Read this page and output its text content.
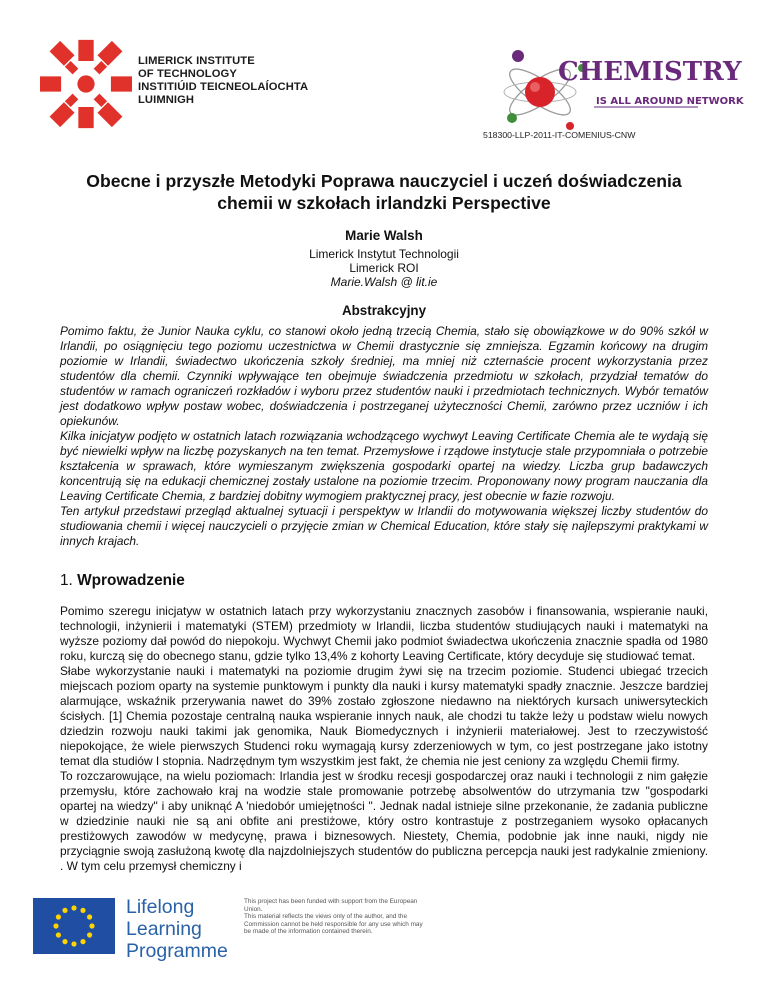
LIMERICK INSTITUTE
OF TECHNOLOGY
INSTITIÚID TEICNEOLAÍOCHTA
LUIMNIGH
CHEMISTRY
IS ALL AROUND NETWORK
518300-LLP-2011-IT-COMENIUS-CNW
Obecne i przyszłe Metodyki Poprawa nauczyciel i uczeń doświadczenia chemii w szkołach irlandzki Perspective
Marie Walsh
Limerick Instytut Technologii
Limerick ROI
Marie.Walsh @ lit.ie
Abstrakcyjny

Pomimo faktu, że Junior Nauka cyklu, co stanowi około jedną trzecią Chemia, stało się obowiązkowe w do 90% szkół w Irlandii, po osiągnięciu tego poziomu uczestnictwa w Chemii drastycznie się zmniejsza. Egzamin końcowy na drugim poziomie w Irlandii, świadectwo ukończenia szkoły średniej, ma mniej niż czternaście procent wykorzystania przez studentów dla chemii. Czynniki wpływające ten obejmuje świadczenia przedmiotu w szkołach, przydział tematów do studentów w ramach ograniczeń rozkładów i wyboru przez studentów nauki i przedmiotach technicznych. Wybór tematów jest dodatkowo wpływ postaw wobec, doświadczenia i postrzeganej użyteczności Chemii, zarówno przez uczniów i ich opiekunów.

Kilka inicjatyw podjęto w ostatnich latach rozwiązania wchodzącego wychwyt Leaving Certificate Chemia ale te wydają się być niewielki wpływ na liczbę pozyskanych na ten temat. Przemysłowe i rządowe instytucje stale przypomniała o potrzebie kształcenia w sprawach, które wymieszanym zwiększenia gospodarki opartej na wiedzy. Liczba grup badawczych koncentrują się na edukacji chemicznej zostały ustalone na poziomie trzecim. Proponowany nowy program nauczania dla Leaving Certificate Chemia, z bardziej dobitny wymogiem praktycznej pracy, jest obecnie w fazie rozwoju.

Ten artykuł przedstawi przegląd aktualnej sytuacji i perspektyw w Irlandii do motywowania większej liczby studentów do studiowania chemii i więcej nauczycieli o przyjęcie zmian w Chemical Education, które stały się najlepszymi praktykami w innych krajach.

1. Wprowadzenie

Pomimo szeregu inicjatyw w ostatnich latach przy wykorzystaniu znacznych zasobów i finansowania, wspieranie nauki, technologii, inżynierii i matematyki (STEM) przedmioty w Irlandii, liczba studentów studiujących nauki i matematyki na wyższe poziomy dał powód do niepokoju. Wychwyt Chemii jako podmiot świadectwa ukończenia znacznie spadła od 1980 roku, kurczą się do obecnego stanu, gdzie tylko 13,4% z kohorty Leaving Certificate, który decyduje się studiować temat.

Słabe wykorzystanie nauki i matematyki na poziomie drugim żywi się na trzecim poziomie. Studenci ubiegać trzecich miejscach poziom oparty na systemie punktowym i punkty dla nauki i kursy matematyki spadły znacznie. Jeszcze bardziej alarmujące, wskaźnik przerywania nawet do 39% zostało zgłoszone niedawno na niektórych kursach uniwersyteckich ścisłych. [1] Chemia pozostaje centralną nauka wspieranie innych nauk, ale chodzi tu także leży u podstaw wielu nowych dziedzin rozwoju nauki takimi jak genomika, Nauk Biomedycznych i inżynierii materiałowej. Jest to rzeczywistość niepokojące, że wiele pierwszych Studenci roku wymagają kursy zderzeniowych w tym, co jest postrzegane jako istotny temat dla studiów I stopnia. Nadrzędnym tym wszystkim jest fakt, że chemia nie jest ceniony za względu Chemii firmy.

To rozczarowujące, na wielu poziomach: Irlandia jest w środku recesji gospodarczej oraz nauki i technologii z nim gałęzie przemysłu, które zachowało kraj na wodzie stale promowanie potrzebę absolwentów do utrzymania tzw "gospodarki opartej na wiedzy" i aby uniknąć A 'niedobór umiejętności ". Jednak nadal istnieje silne przekonanie, że zadania publiczne w dziedzinie nauki nie są ani obfite ani prestiżowe, który ostro kontrastuje z postrzeganiem wysoko opłacanych prestiżowych zawodów w medycynę, prawa i biznesowych. Niestety, Chemia, podobnie jak inne nauki, nigdy nie przyciągnie swoją zasłużoną kwotę dla najzdolniejszych studentów do publiczna percepcja nauki jest radykalnie zmieniony. . W tym celu przemysł chemiczny i

Lifelong
Learning
Programme
This project has been funded with support from the European Union.
This material reflects the views only of the author, and the Commission cannot be held responsible for any use which may be made of the information contained therein.
